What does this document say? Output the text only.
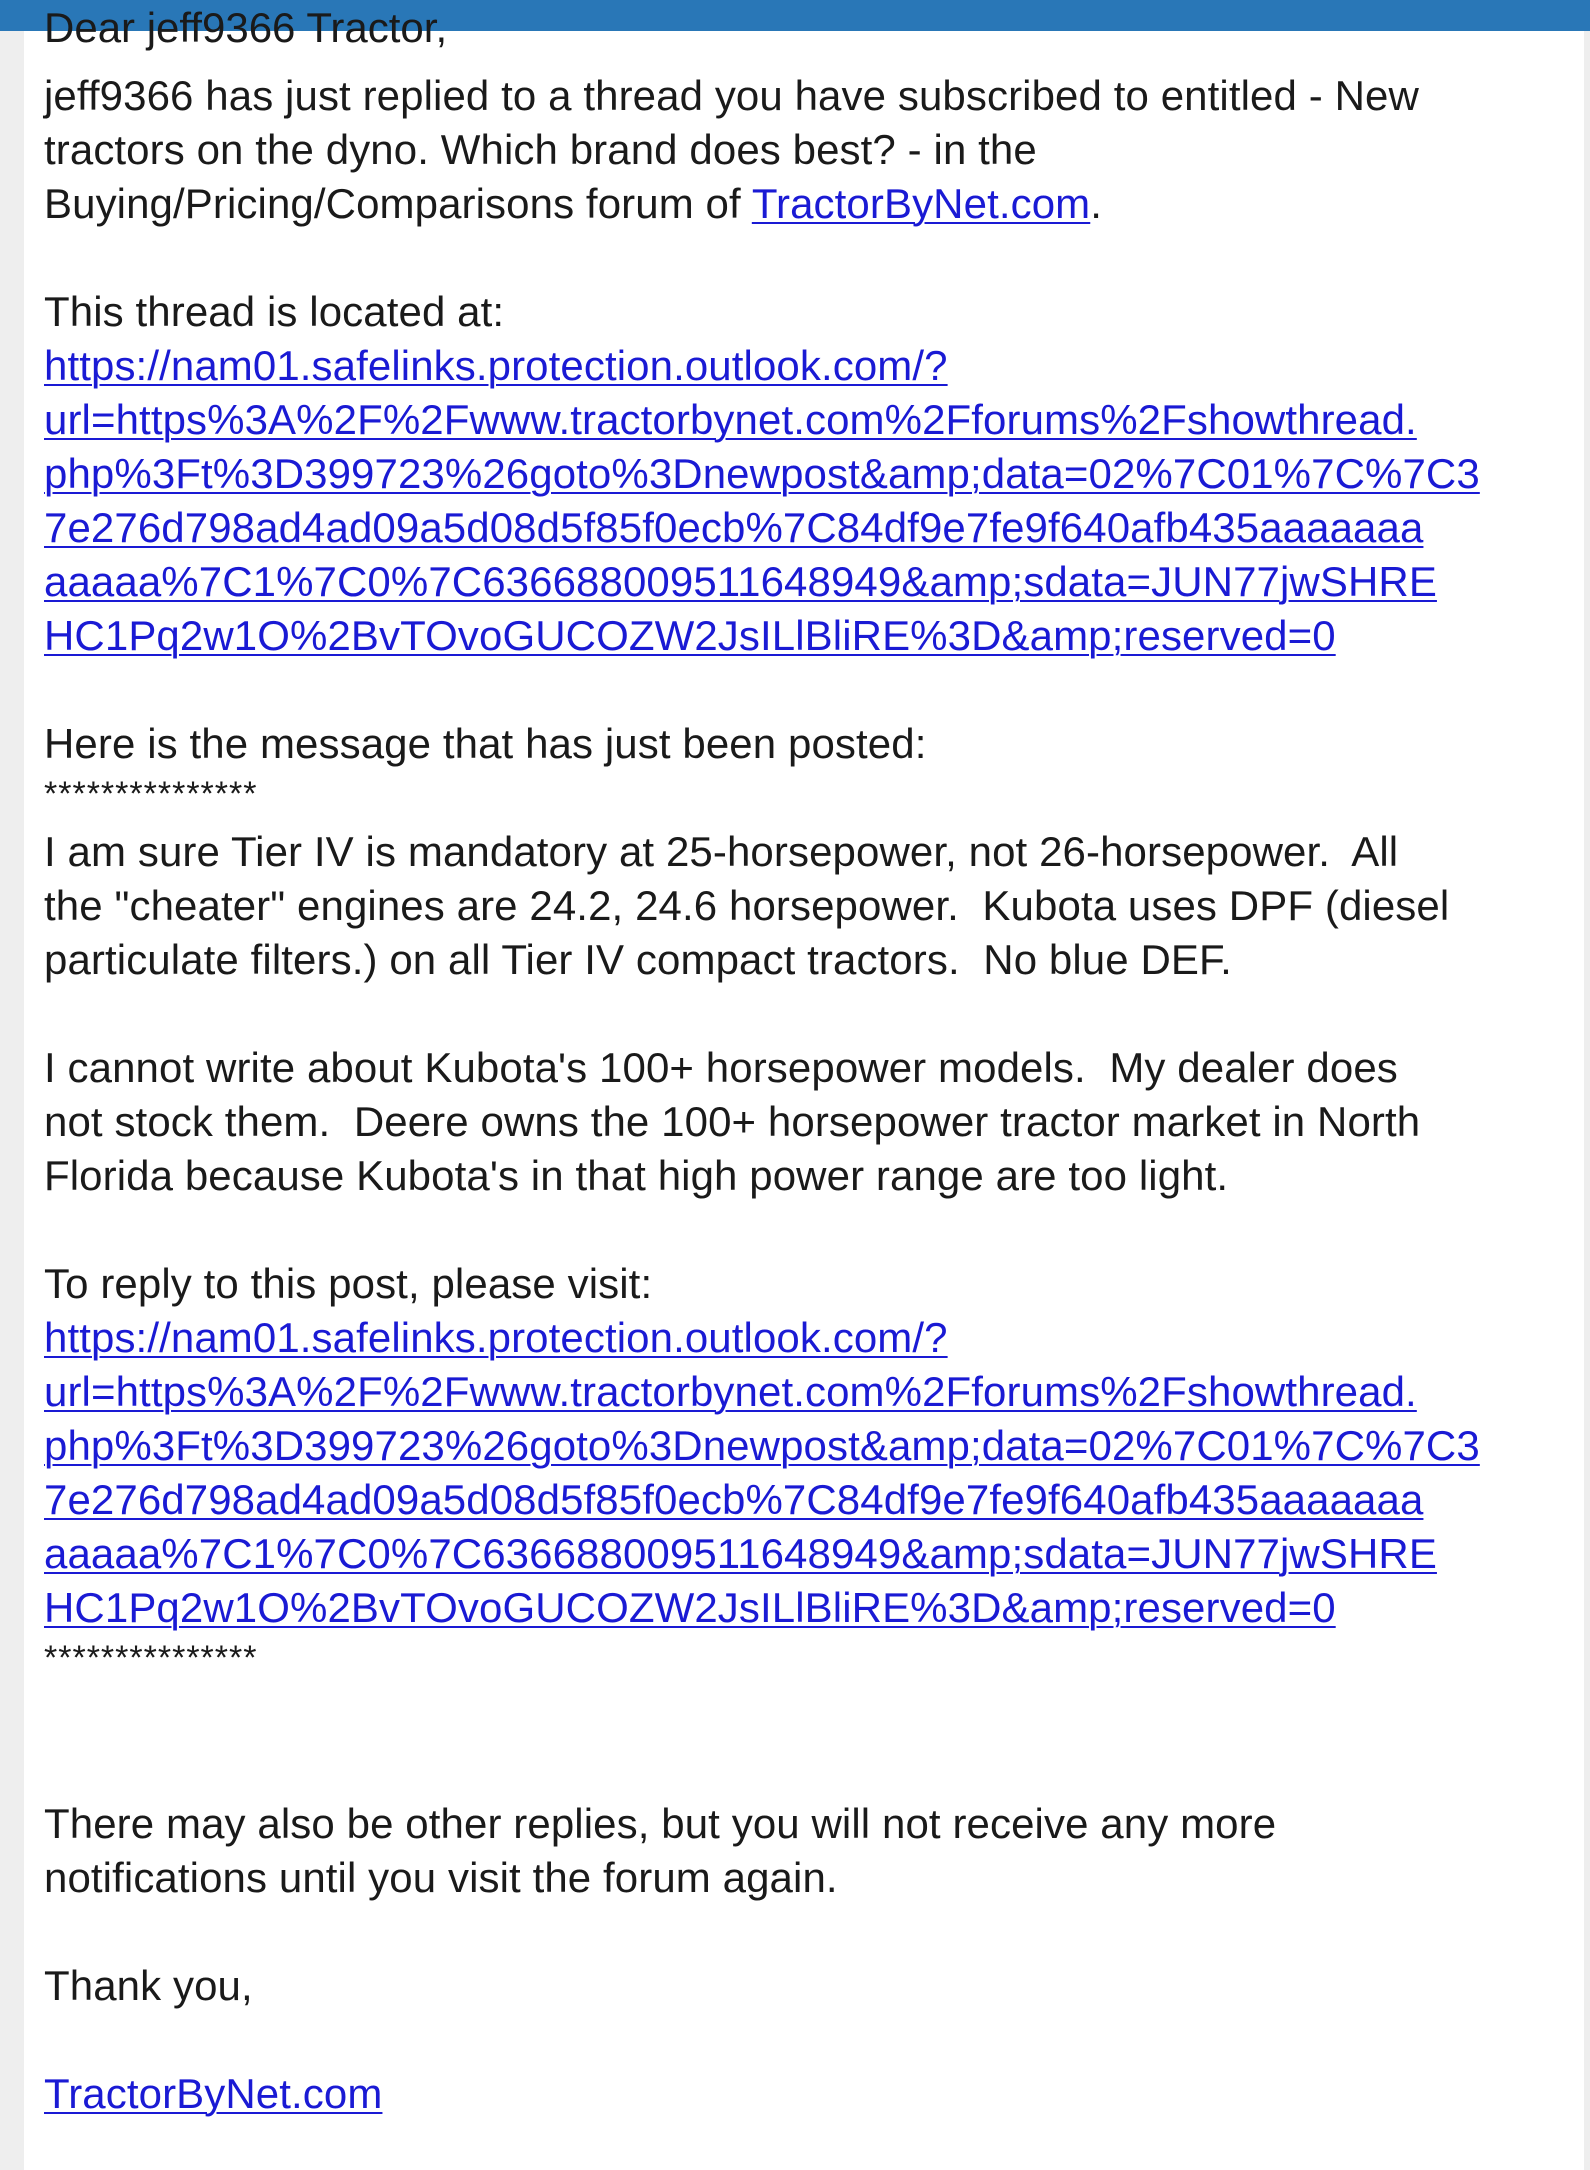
Dear jeff9366 Tractor,
jeff9366 has just replied to a thread you have subscribed to entitled - New
tractors on the dyno. Which brand does best? - in the
Buying/Pricing/Comparisons forum of TractorByNet.com.
This thread is located at:
https://nam01.safelinks.protection.outlook.com/?
url=https%3A%2F%2Fwww.tractorbynet.com%2Fforums%2Fshowthread.
php%3Ft%3D399723%26goto%3Dnewpost&amp;data=02%7C01%7C%7C3
7e276d798ad4ad09a5d08d5f85f0ecb%7C84df9e7fe9f640afb435aaaaaaa
aaaaa%7C1%7C0%7C636688009511648949&amp;sdata=JUN77jwSHRE
HC1Pq2w1O%2BvTOvoGUCOZW2JsILlBliRE%3D&amp;reserved=0
Here is the message that has just been posted:
***************
I am sure Tier IV is mandatory at 25-horsepower, not 26-horsepower.  All
the "cheater" engines are 24.2, 24.6 horsepower.  Kubota uses DPF (diesel
particulate filters.) on all Tier IV compact tractors.  No blue DEF.
I cannot write about Kubota's 100+ horsepower models.  My dealer does
not stock them.  Deere owns the 100+ horsepower tractor market in North
Florida because Kubota's in that high power range are too light.
To reply to this post, please visit:
https://nam01.safelinks.protection.outlook.com/?
url=https%3A%2F%2Fwww.tractorbynet.com%2Fforums%2Fshowthread.
php%3Ft%3D399723%26goto%3Dnewpost&amp;data=02%7C01%7C%7C3
7e276d798ad4ad09a5d08d5f85f0ecb%7C84df9e7fe9f640afb435aaaaaaa
aaaaa%7C1%7C0%7C636688009511648949&amp;sdata=JUN77jwSHRE
HC1Pq2w1O%2BvTOvoGUCOZW2JsILlBliRE%3D&amp;reserved=0
***************
There may also be other replies, but you will not receive any more
notifications until you visit the forum again.
Thank you,
TractorByNet.com
